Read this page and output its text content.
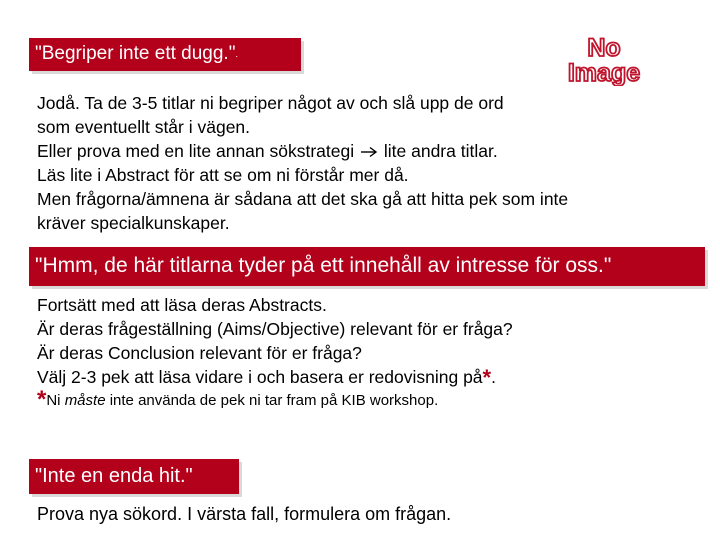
"Begriper inte ett dugg.".	No
Image
Jodå. Ta de 3-5 titlar ni begriper något av och slå upp de ord
som eventuellt står i vägen.
Eller prova med en lite annan sökstrategi lite andra titlar.
Läs lite i Abstract för att se om ni förstår mer då.
Men frågorna/ämnena är sådana att det ska gå att hitta pek som inte
kräver specialkunskaper.
"Hmm, de här titlarna tyder på ett innehåll av intresse för oss."
Fortsätt med att läsa deras Abstracts.
Är deras frågeställning (Aims/Objective) relevant för er fråga?
Är deras Conclusion relevant för er fråga?
Välj 2-3 pek att läsa vidare i och basera er redovisning på*.
*Ni måste inte använda de pek ni tar fram på KIB workshop.
"Inte en enda hit."
Prova nya sökord. I värsta fall, formulera om frågan.
